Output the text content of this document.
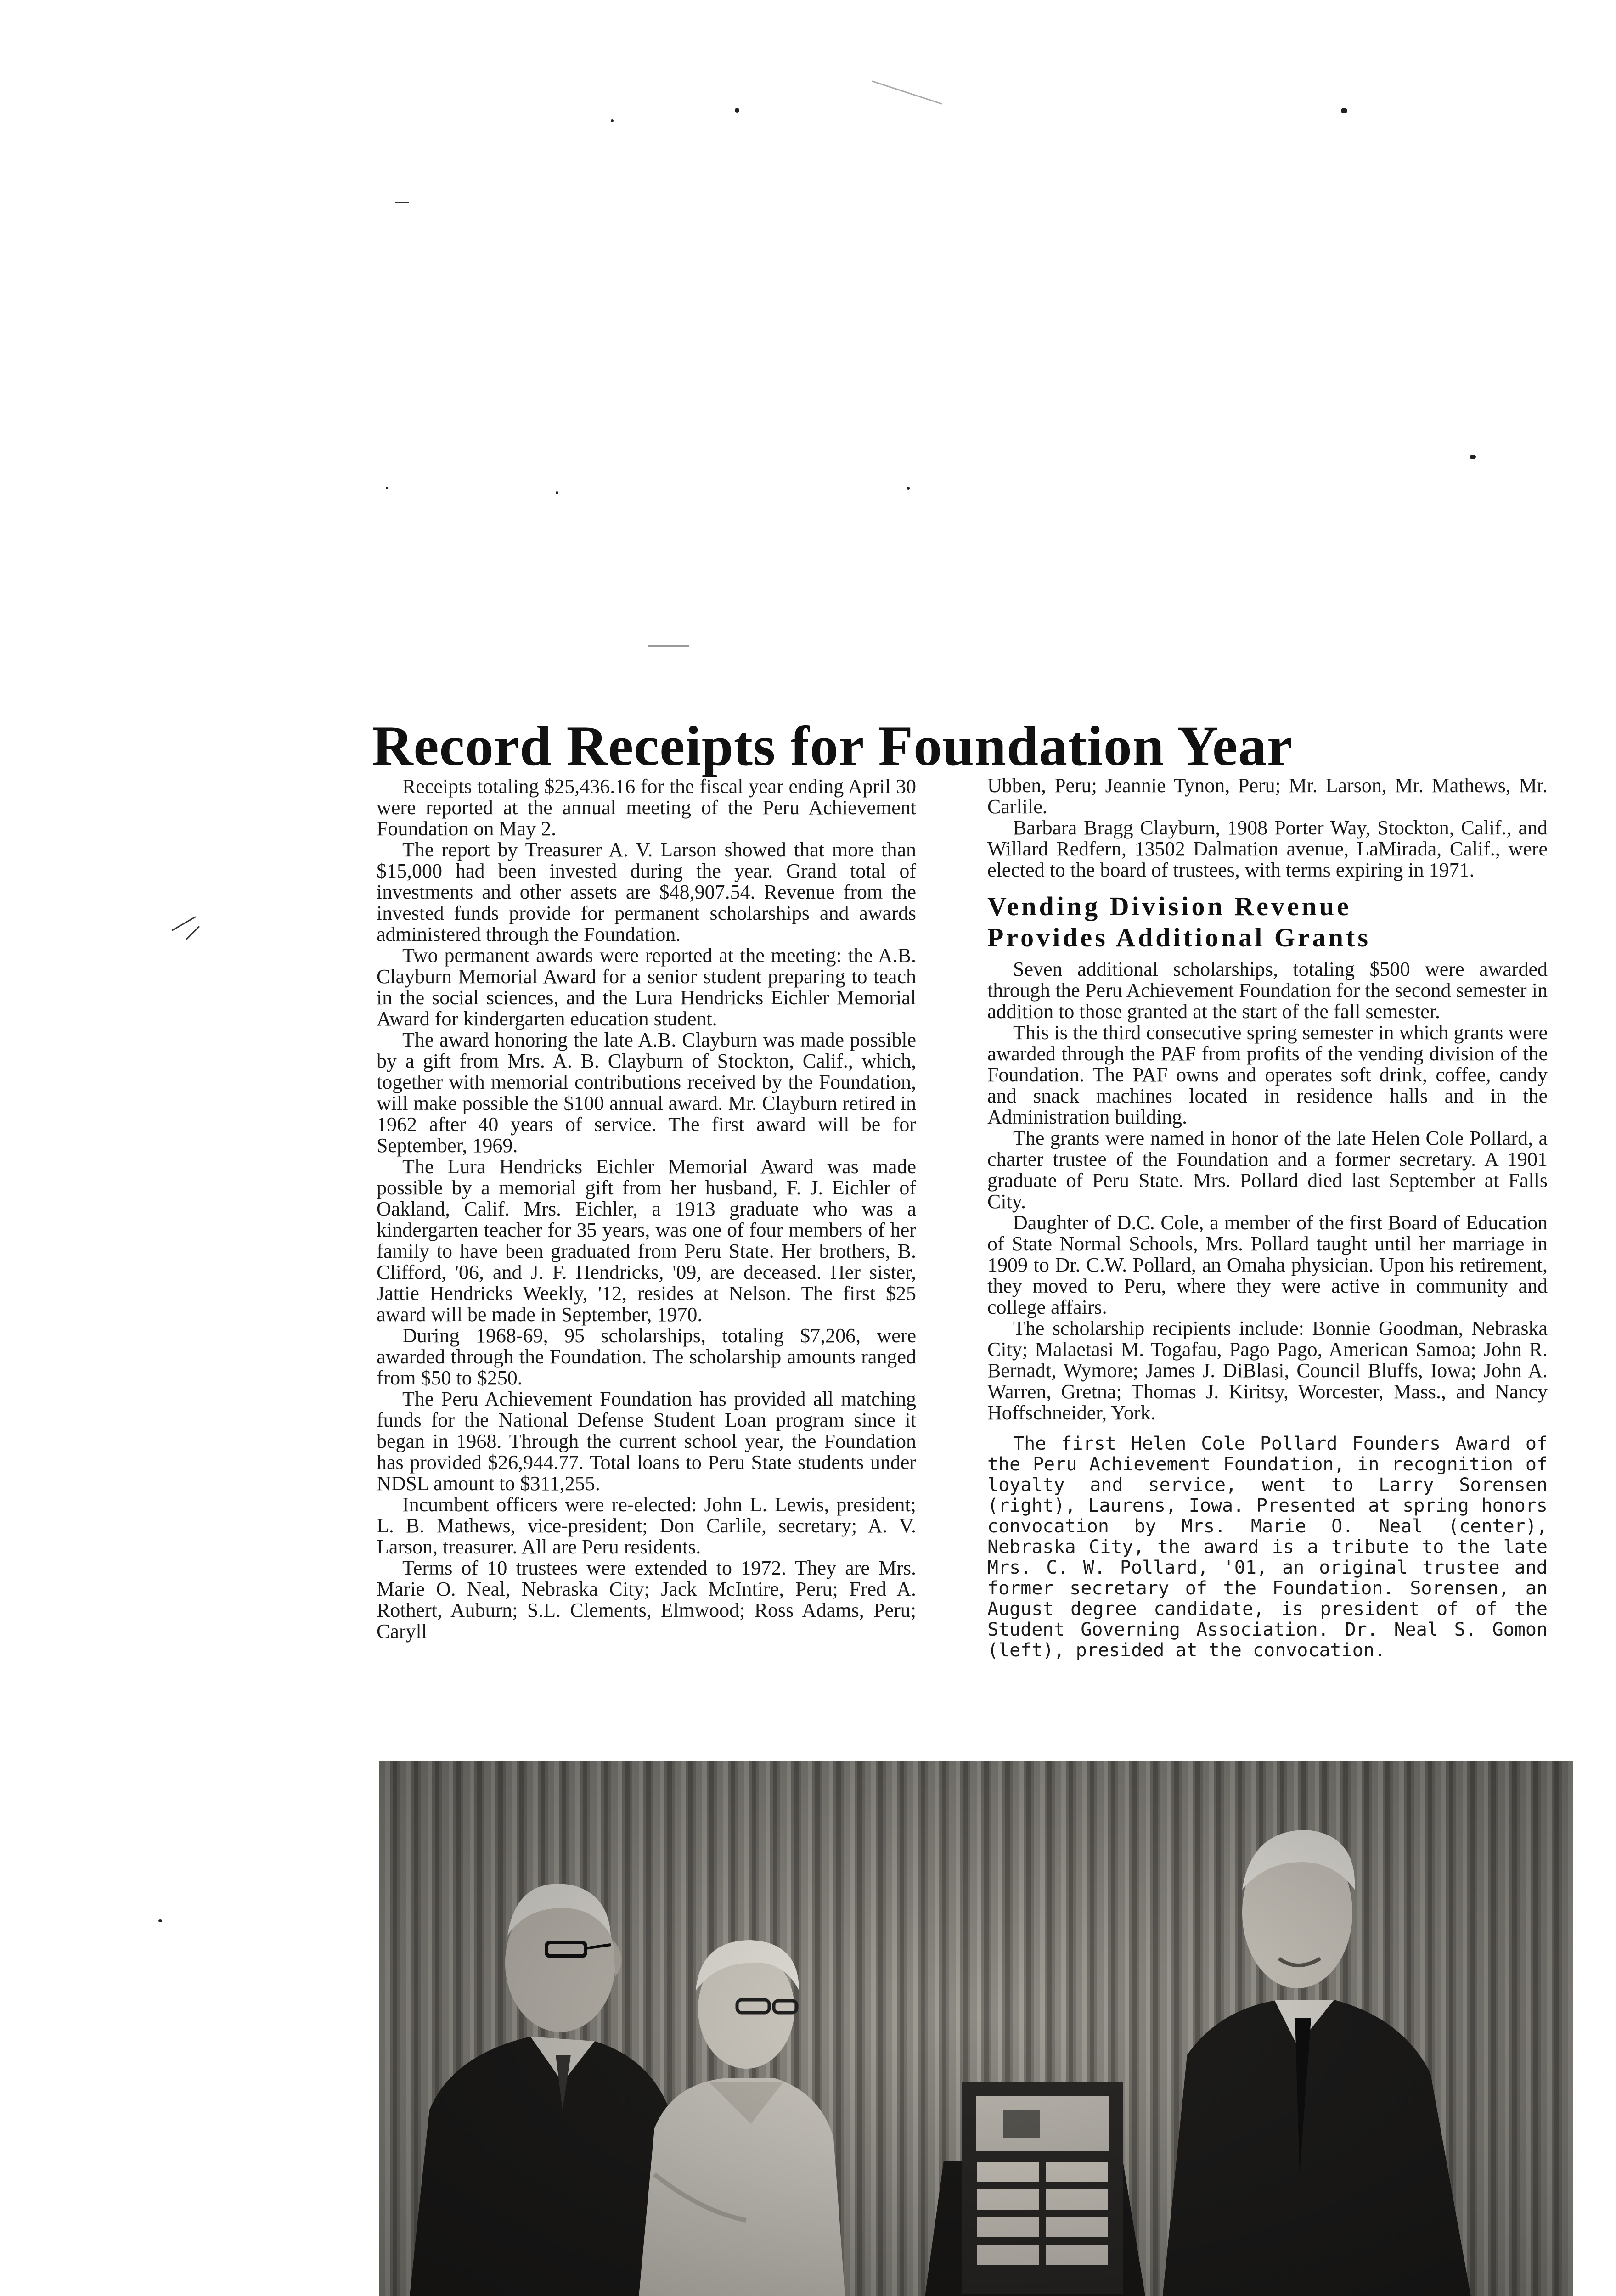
Record Receipts for Foundation Year

Receipts totaling $25,436.16 for the fiscal year ending April 30 were reported at the annual meeting of the Peru Achievement Foundation on May 2.

The report by Treasurer A. V. Larson showed that more than $15,000 had been invested during the year. Grand total of investments and other assets are $48,907.54. Revenue from the invested funds provide for permanent scholarships and awards administered through the Foundation.

Two permanent awards were reported at the meeting: the A.B. Clayburn Memorial Award for a senior student preparing to teach in the social sciences, and the Lura Hendricks Eichler Memorial Award for kindergarten education student.

The award honoring the late A.B. Clayburn was made possible by a gift from Mrs. A. B. Clayburn of Stockton, Calif., which, together with memorial contributions received by the Foundation, will make possible the $100 annual award. Mr. Clayburn retired in 1962 after 40 years of service. The first award will be for September, 1969.

The Lura Hendricks Eichler Memorial Award was made possible by a memorial gift from her husband, F. J. Eichler of Oakland, Calif. Mrs. Eichler, a 1913 graduate who was a kindergarten teacher for 35 years, was one of four members of her family to have been graduated from Peru State. Her brothers, B. Clifford, '06, and J. F. Hendricks, '09, are deceased. Her sister, Jattie Hendricks Weekly, '12, resides at Nelson. The first $25 award will be made in September, 1970.

During 1968-69, 95 scholarships, totaling $7,206, were awarded through the Foundation. The scholarship amounts ranged from $50 to $250.

The Peru Achievement Foundation has provided all matching funds for the National Defense Student Loan program since it began in 1968. Through the current school year, the Foundation has provided $26,944.77. Total loans to Peru State students under NDSL amount to $311,255.

Incumbent officers were re-elected: John L. Lewis, president; L. B. Mathews, vice-president; Don Carlile, secretary; A. V. Larson, treasurer. All are Peru residents.

Terms of 10 trustees were extended to 1972. They are Mrs. Marie O. Neal, Nebraska City; Jack McIntire, Peru; Fred A. Rothert, Auburn; S.L. Clements, Elmwood; Ross Adams, Peru; Caryll

Ubben, Peru; Jeannie Tynon, Peru; Mr. Larson, Mr. Mathews, Mr. Carlile.

Barbara Bragg Clayburn, 1908 Porter Way, Stockton, Calif., and Willard Redfern, 13502 Dalmation avenue, LaMirada, Calif., were elected to the board of trustees, with terms expiring in 1971.

Vending Division Revenue
Provides Additional Grants

Seven additional scholarships, totaling $500 were awarded through the Peru Achievement Foundation for the second semester in addition to those granted at the start of the fall semester.

This is the third consecutive spring semester in which grants were awarded through the PAF from profits of the vending division of the Foundation. The PAF owns and operates soft drink, coffee, candy and snack machines located in residence halls and in the Administration building.

The grants were named in honor of the late Helen Cole Pollard, a charter trustee of the Foundation and a former secretary. A 1901 graduate of Peru State. Mrs. Pollard died last September at Falls City.

Daughter of D.C. Cole, a member of the first Board of Education of State Normal Schools, Mrs. Pollard taught until her marriage in 1909 to Dr. C.W. Pollard, an Omaha physician. Upon his retirement, they moved to Peru, where they were active in community and college affairs.

The scholarship recipients include: Bonnie Goodman, Nebraska City; Malaetasi M. Togafau, Pago Pago, American Samoa; John R. Bernadt, Wymore; James J. DiBlasi, Council Bluffs, Iowa; John A. Warren, Gretna; Thomas J. Kiritsy, Worcester, Mass., and Nancy Hoffschneider, York.

The first Helen Cole Pollard Founders Award of the Peru Achievement Foundation, in recognition of loyalty and service, went to Larry Sorensen (right), Laurens, Iowa. Presented at spring honors convocation by Mrs. Marie O. Neal (center), Nebraska City, the award is a tribute to the late Mrs. C. W. Pollard, '01, an original trustee and former secretary of the Foundation. Sorensen, an August degree candidate, is president of of the Student Governing Association. Dr. Neal S. Gomon (left), presided at the convocation.
